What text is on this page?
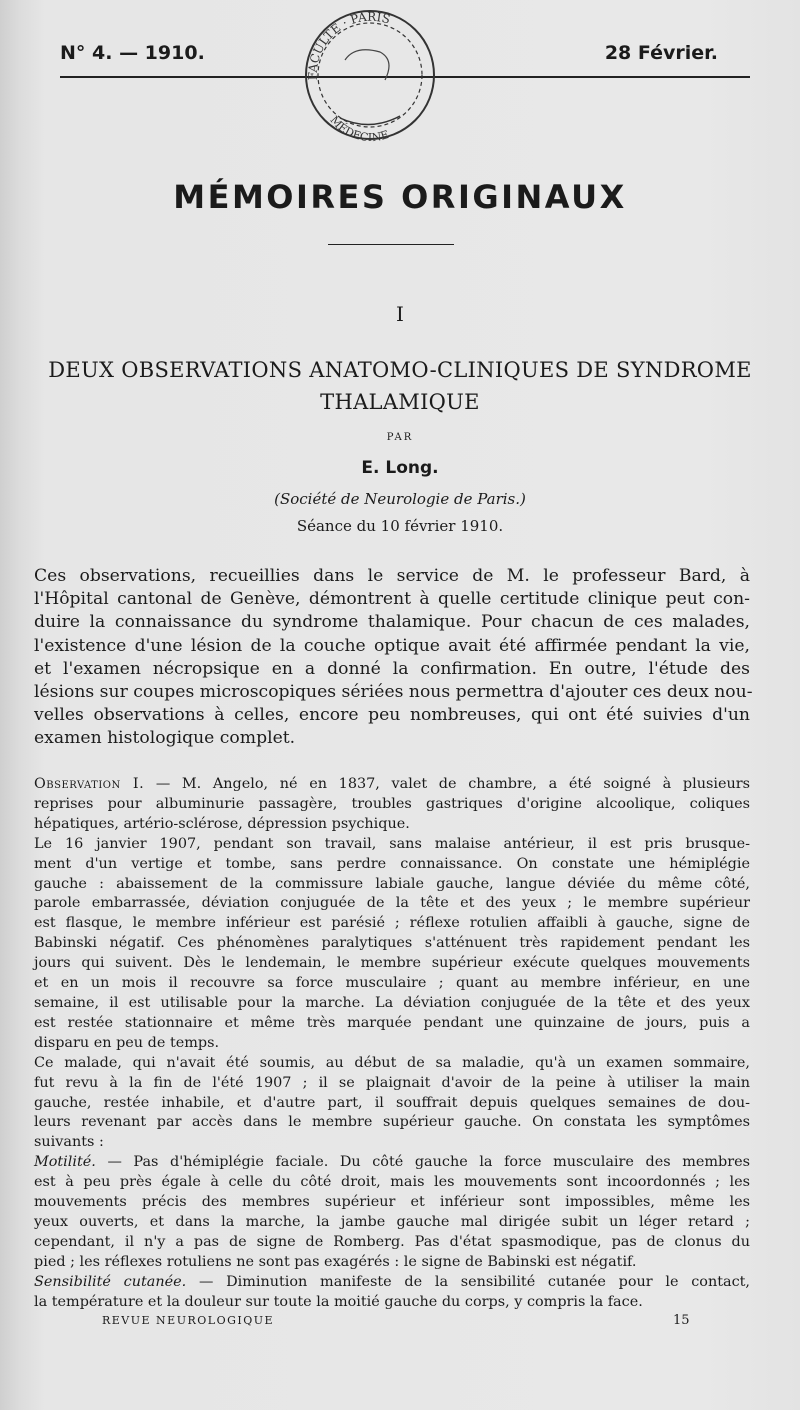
N° 4. — 1910.	28 Février.
FACULTÉ · PARIS
MÉDECINE
MÉMOIRES ORIGINAUX
I
DEUX OBSERVATIONS ANATOMO-CLINIQUES DE SYNDROME
THALAMIQUE
PAR
E. Long.
(Société de Neurologie de Paris.)
Séance du 10 février 1910.
Ces observations, recueillies dans le service de M. le professeur Bard, à
l'Hôpital cantonal de Genève, démontrent à quelle certitude clinique peut con-
duire la connaissance du syndrome thalamique. Pour chacun de ces malades,
l'existence d'une lésion de la couche optique avait été affirmée pendant la vie,
et l'examen nécropsique en a donné la confirmation. En outre, l'étude des
lésions sur coupes microscopiques sériées nous permettra d'ajouter ces deux nou-
velles observations à celles, encore peu nombreuses, qui ont été suivies d'un
examen histologique complet.
Observation I. — M. Angelo, né en 1837, valet de chambre, a été soigné à plusieurs
reprises pour albuminurie passagère, troubles gastriques d'origine alcoolique, coliques
hépatiques, artério-sclérose, dépression psychique.
Le 16 janvier 1907, pendant son travail, sans malaise antérieur, il est pris brusque-
ment d'un vertige et tombe, sans perdre connaissance. On constate une hémiplégie
gauche : abaissement de la commissure labiale gauche, langue déviée du même côté,
parole embarrassée, déviation conjuguée de la tête et des yeux ; le membre supérieur
est flasque, le membre inférieur est parésié ; réflexe rotulien affaibli à gauche, signe de
Babinski négatif. Ces phénomènes paralytiques s'atténuent très rapidement pendant les
jours qui suivent. Dès le lendemain, le membre supérieur exécute quelques mouvements
et en un mois il recouvre sa force musculaire ; quant au membre inférieur, en une
semaine, il est utilisable pour la marche. La déviation conjuguée de la tête et des yeux
est restée stationnaire et même très marquée pendant une quinzaine de jours, puis a
disparu en peu de temps.
Ce malade, qui n'avait été soumis, au début de sa maladie, qu'à un examen sommaire,
fut revu à la fin de l'été 1907 ; il se plaignait d'avoir de la peine à utiliser la main
gauche, restée inhabile, et d'autre part, il souffrait depuis quelques semaines de dou-
leurs revenant par accès dans le membre supérieur gauche. On constata les symptômes
suivants :
Motilité. — Pas d'hémiplégie faciale. Du côté gauche la force musculaire des membres
est à peu près égale à celle du côté droit, mais les mouvements sont incoordonnés ; les
mouvements précis des membres supérieur et inférieur sont impossibles, même les
yeux ouverts, et dans la marche, la jambe gauche mal dirigée subit un léger retard ;
cependant, il n'y a pas de signe de Romberg. Pas d'état spasmodique, pas de clonus du
pied ; les réflexes rotuliens ne sont pas exagérés : le signe de Babinski est négatif.
Sensibilité cutanée. — Diminution manifeste de la sensibilité cutanée pour le contact,
la température et la douleur sur toute la moitié gauche du corps, y compris la face.
REVUE NEUROLOGIQUE	15
